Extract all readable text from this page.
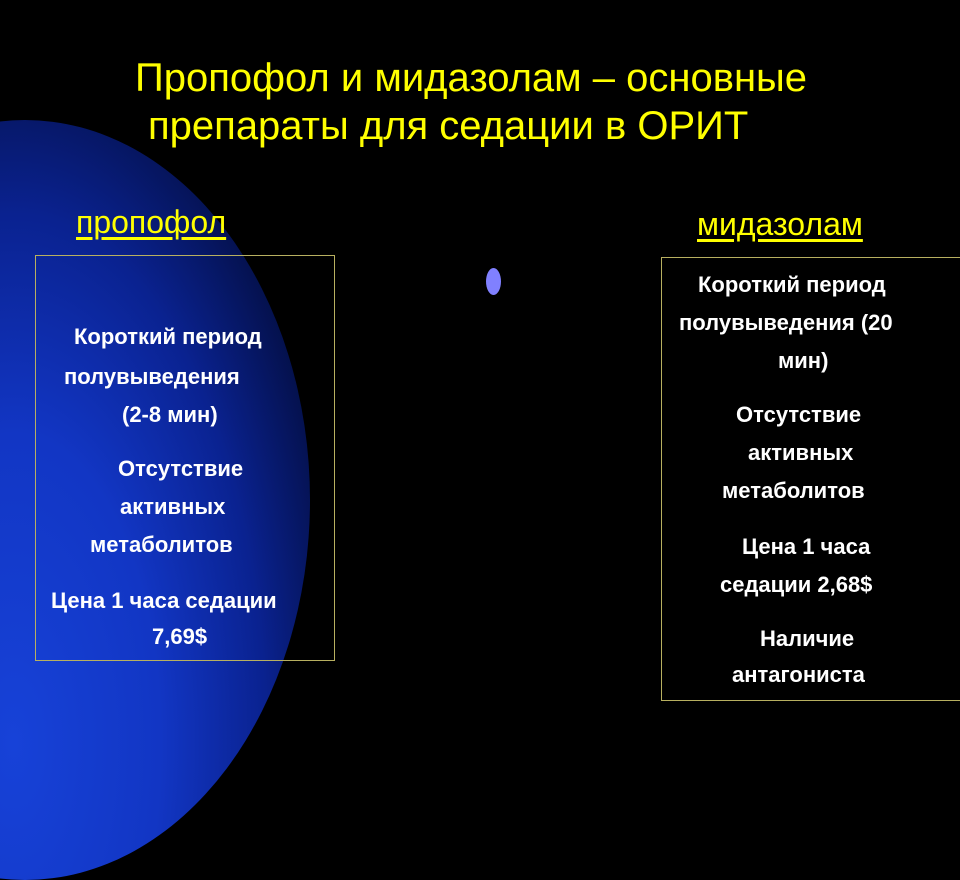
Пропофол и мидазолам – основные
препараты для седации в ОРИТ
пропофол	мидазолам

Короткий период

полувыведения

(2-8 мин)

Отсутствие

активных

метаболитов

Цена 1 часа седации

7,69$

Короткий период

полувыведения (20

мин)

Отсутствие

активных

метаболитов

Цена 1 часа

седации 2,68$

Наличие

антагониста
